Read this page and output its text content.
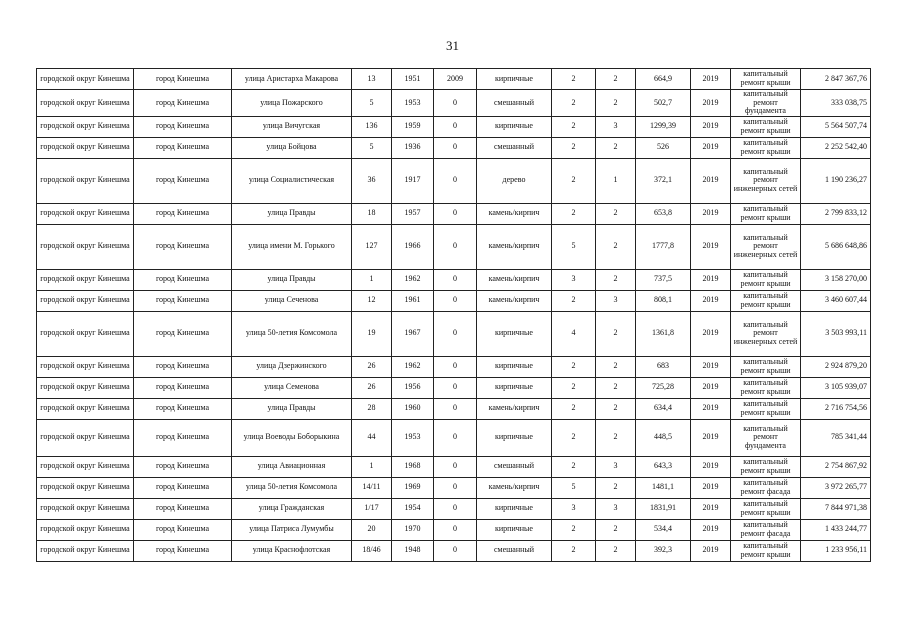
31
городской округ Кинешма	город Кинешма	улица Аристарха Макарова	13	1951	2009	кирпичные	2	2	664,9	2019	капитальный ремонт крыши	2 847 367,76
городской округ Кинешма	город Кинешма	улица Пожарского	5	1953	0	смешанный	2	2	502,7	2019	капитальный ремонт фундамента	333 038,75
городской округ Кинешма	город Кинешма	улица Вичугская	136	1959	0	кирпичные	2	3	1299,39	2019	капитальный ремонт крыши	5 564 507,74
городской округ Кинешма	город Кинешма	улица Бойцова	5	1936	0	смешанный	2	2	526	2019	капитальный ремонт крыши	2 252 542,40
городской округ Кинешма	город Кинешма	улица Социалистическая	36	1917	0	дерево	2	1	372,1	2019	капитальный ремонт инженерных сетей	1 190 236,27
городской округ Кинешма	город Кинешма	улица Правды	18	1957	0	камень/кирпич	2	2	653,8	2019	капитальный ремонт крыши	2 799 833,12
городской округ Кинешма	город Кинешма	улица имени М. Горького	127	1966	0	камень/кирпич	5	2	1777,8	2019	капитальный ремонт инженерных сетей	5 686 648,86
городской округ Кинешма	город Кинешма	улица Правды	1	1962	0	камень/кирпич	3	2	737,5	2019	капитальный ремонт крыши	3 158 270,00
городской округ Кинешма	город Кинешма	улица Сеченова	12	1961	0	камень/кирпич	2	3	808,1	2019	капитальный ремонт крыши	3 460 607,44
городской округ Кинешма	город Кинешма	улица 50-летия Комсомола	19	1967	0	кирпичные	4	2	1361,8	2019	капитальный ремонт инженерных сетей	3 503 993,11
городской округ Кинешма	город Кинешма	улица Дзержинского	26	1962	0	кирпичные	2	2	683	2019	капитальный ремонт крыши	2 924 879,20
городской округ Кинешма	город Кинешма	улица Семенова	26	1956	0	кирпичные	2	2	725,28	2019	капитальный ремонт крыши	3 105 939,07
городской округ Кинешма	город Кинешма	улица Правды	28	1960	0	камень/кирпич	2	2	634,4	2019	капитальный ремонт крыши	2 716 754,56
городской округ Кинешма	город Кинешма	улица Воеводы Боборыкина	44	1953	0	кирпичные	2	2	448,5	2019	капитальный ремонт фундамента	785 341,44
городской округ Кинешма	город Кинешма	улица Авиационная	1	1968	0	смешанный	2	3	643,3	2019	капитальный ремонт крыши	2 754 867,92
городской округ Кинешма	город Кинешма	улица 50-летия Комсомола	14/11	1969	0	камень/кирпич	5	2	1481,1	2019	капитальный ремонт фасада	3 972 265,77
городской округ Кинешма	город Кинешма	улица Гражданская	1/17	1954	0	кирпичные	3	3	1831,91	2019	капитальный ремонт крыши	7 844 971,38
городской округ Кинешма	город Кинешма	улица Патриса Лумумбы	20	1970	0	кирпичные	2	2	534,4	2019	капитальный ремонт фасада	1 433 244,77
городской округ Кинешма	город Кинешма	улица Краснофлотская	18/46	1948	0	смешанный	2	2	392,3	2019	капитальный ремонт крыши	1 233 956,11
